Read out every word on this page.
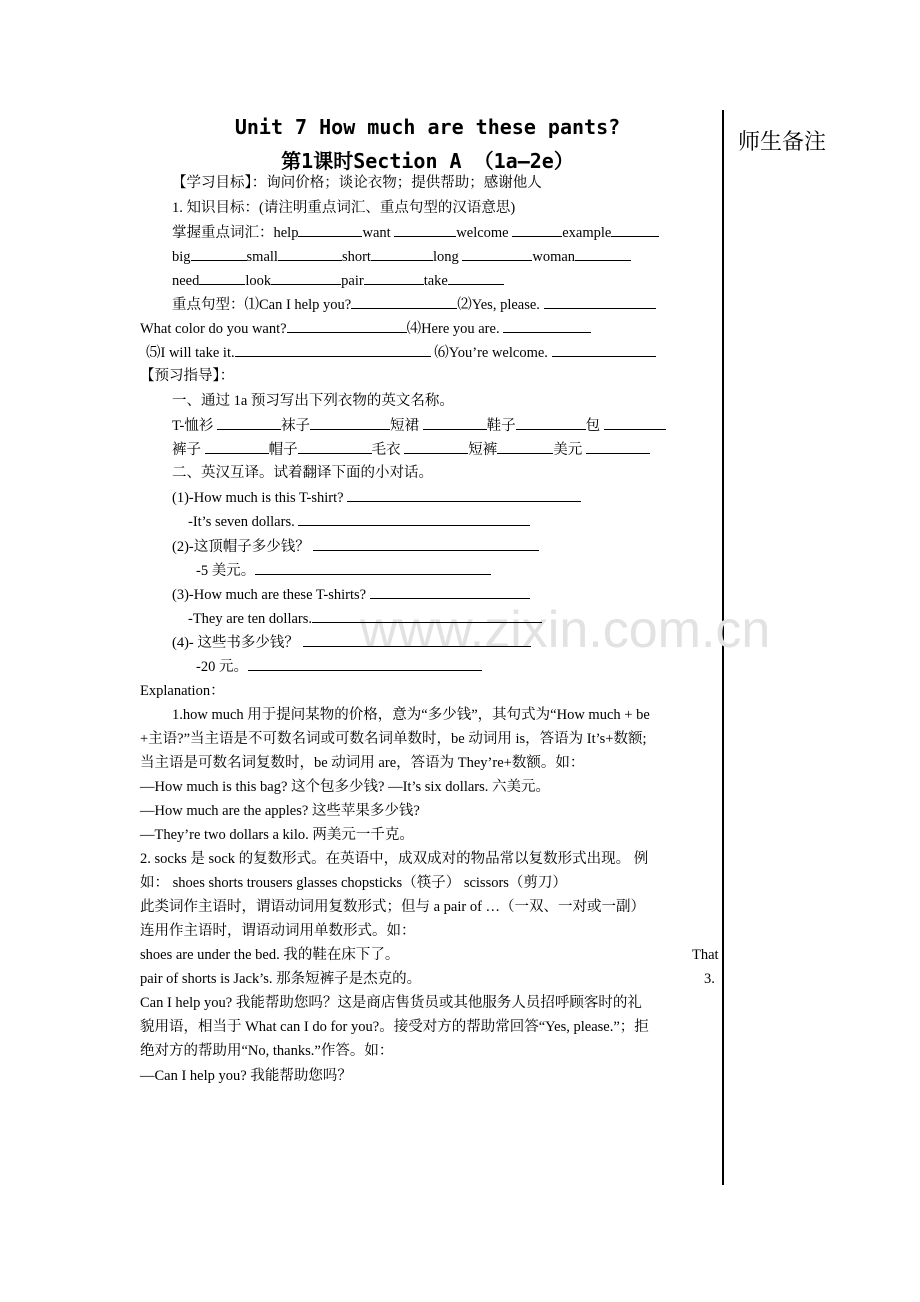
Unit 7 How much are these pants?
第1课时Section A （1a—2e）
师生备注
www.zixin.com.cn
【学习目标】：询问价格；谈论衣物；提供帮助；感谢他人
1. 知识目标：(请注明重点词汇、重点句型的汉语意思)
掌握重点词汇：help	want	welcome	example
big	small	short	long	woman
need	look	pair	take
重点句型：⑴Can I help you?	⑵Yes, please.
What color do you want?	⑷Here you are.
⑸I will take it.	⑹You’re welcome.
【预习指导】：
一、通过 1a 预习写出下列衣物的英文名称。
T-恤衫	袜子	短裙	鞋子	包
裤子	帽子	毛衣	短裤	美元
二、英汉互译。试着翻译下面的小对话。
(1)-How much is this T-shirt?
-It’s seven dollars.
(2)-这顶帽子多少钱？
-5 美元。
(3)-How much are these T-shirts?
-They are ten dollars.
(4)- 这些书多少钱？
-20 元。
Explanation：
1.how much 用于提问某物的价格，意为“多少钱”，其句式为“How much + be
+主语?”当主语是不可数名词或可数名词单数时，be 动词用 is，答语为 It’s+数额;
当主语是可数名词复数时，be 动词用 are，答语为 They’re+数额。如：
—How much is this bag? 这个包多少钱? —It’s six dollars. 六美元。
—How much are the apples? 这些苹果多少钱?
—They’re two dollars a kilo. 两美元一千克。
2. socks 是 sock 的复数形式。在英语中，成双成对的物品常以复数形式出现。 例
如： shoes shorts trousers glasses chopsticks（筷子） scissors（剪刀）
此类词作主语时，谓语动词用复数形式；但与 a pair of …（一双、一对或一副）
连用作主语时，谓语动词用单数形式。如：
shoes are under the bed. 我的鞋在床下了。	That
pair of shorts is Jack’s. 那条短裤子是杰克的。	3.
Can I help you? 我能帮助您吗？这是商店售货员或其他服务人员招呼顾客时的礼
貌用语，相当于 What can I do for you?。接受对方的帮助常回答“Yes, please.”；拒
绝对方的帮助用“No, thanks.”作答。如：
—Can I help you? 我能帮助您吗？
